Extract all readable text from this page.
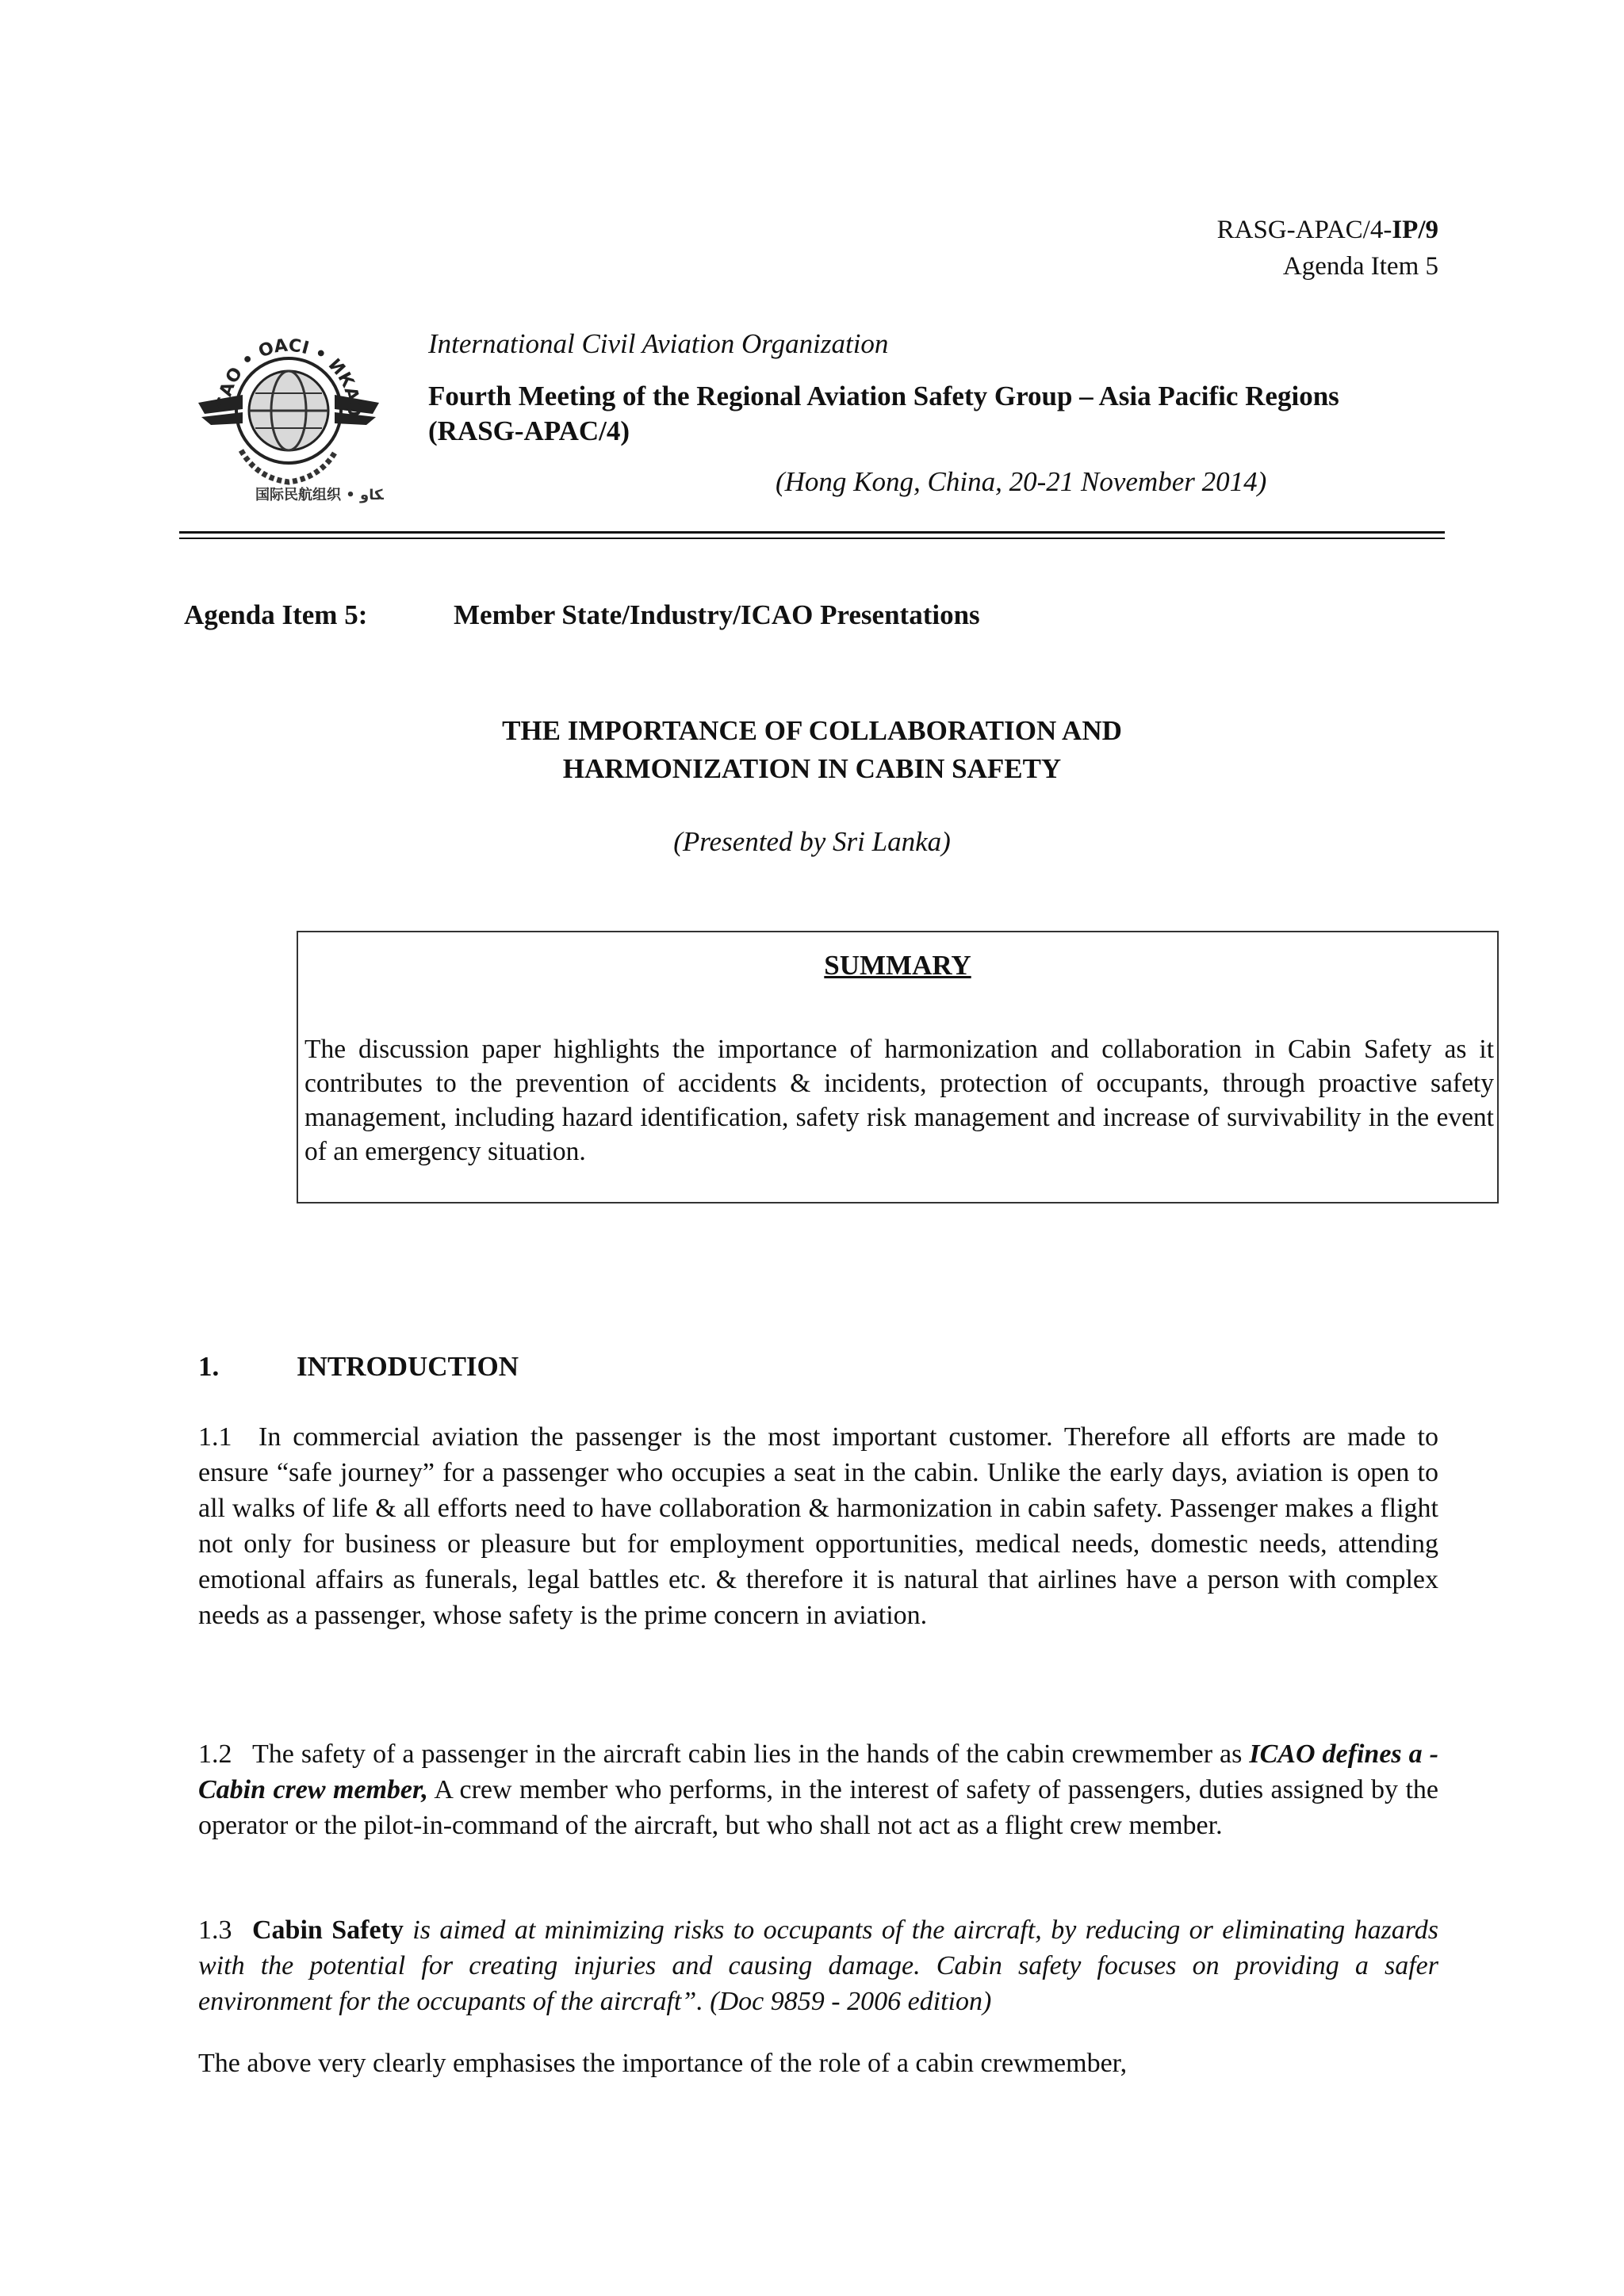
RASG-APAC/4-IP/9
Agenda Item 5
CAO • OACI • ИКАО
国际民航组织 • كاو
International Civil Aviation Organization
Fourth Meeting of the Regional Aviation Safety Group – Asia Pacific Regions
(RASG-APAC/4)
(Hong Kong, China, 20-21 November 2014)
Agenda Item 5:	Member State/Industry/ICAO Presentations
THE IMPORTANCE OF COLLABORATION AND
HARMONIZATION IN CABIN SAFETY
(Presented by Sri Lanka)
SUMMARY
The discussion paper highlights the importance of harmonization and collaboration in Cabin Safety as it contributes to the prevention of accidents & incidents, protection of occupants, through proactive safety management, including hazard identification, safety risk management and increase of survivability in the event of an emergency situation.
1.	INTRODUCTION
1.1 In commercial aviation the passenger is the most important customer. Therefore all efforts are made to ensure “safe journey” for a passenger who occupies a seat in the cabin. Unlike the early days, aviation is open to all walks of life & all efforts need to have collaboration & harmonization in cabin safety. Passenger makes a flight not only for business or pleasure but for employment opportunities, medical needs, domestic needs, attending emotional affairs as funerals, legal battles etc. & therefore it is natural that airlines have a person with complex needs as a passenger, whose safety is the prime concern in aviation.
1.2 The safety of a passenger in the aircraft cabin lies in the hands of the cabin crewmember as ICAO defines a -Cabin crew member, A crew member who performs, in the interest of safety of passengers, duties assigned by the operator or the pilot-in-command of the aircraft, but who shall not act as a flight crew member.
1.3 Cabin Safety is aimed at minimizing risks to occupants of the aircraft, by reducing or eliminating hazards with the potential for creating injuries and causing damage. Cabin safety focuses on providing a safer environment for the occupants of the aircraft”. (Doc 9859 - 2006 edition)
The above very clearly emphasises the importance of the role of a cabin crewmember,
